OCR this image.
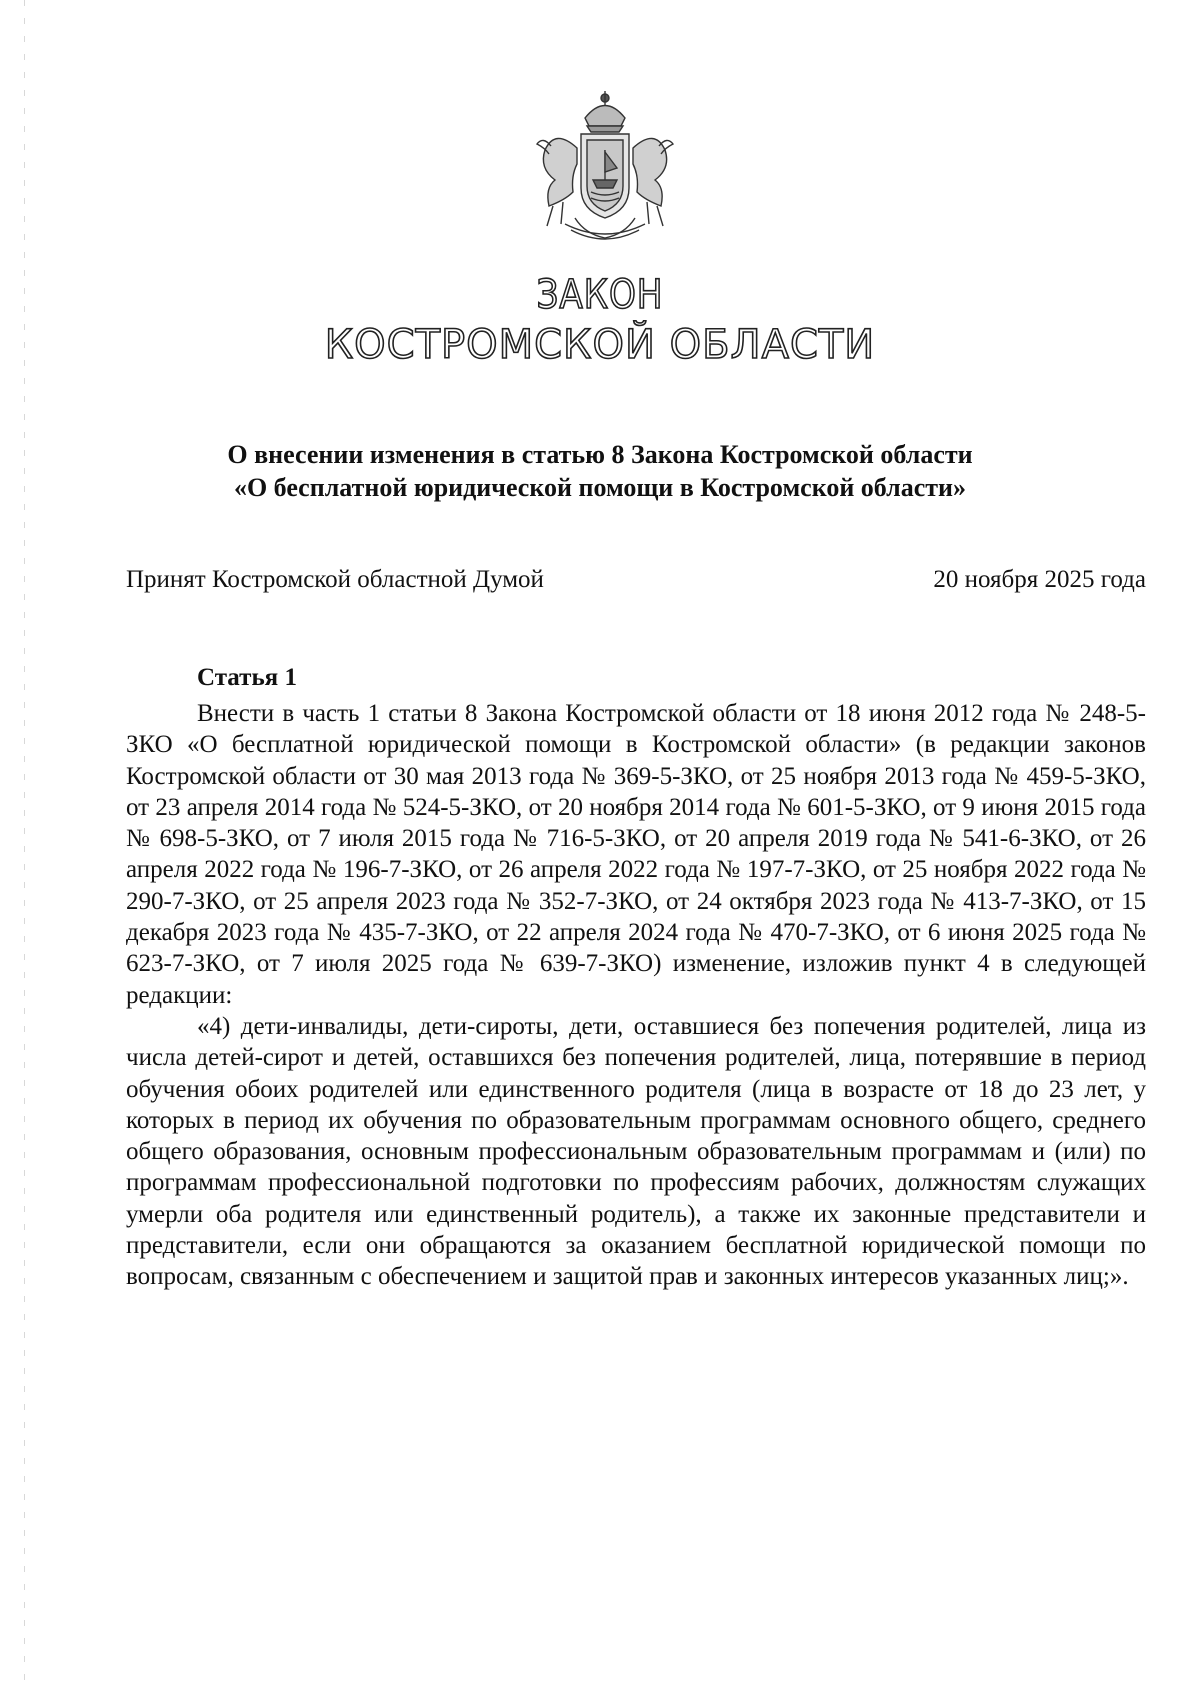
ЗАКОН
КОСТРОМСКОЙ ОБЛАСТИ
О внесении изменения в статью 8 Закона Костромской области
«О бесплатной юридической помощи в Костромской области»
Принят Костромской областной Думой	20 ноября 2025 года
Статья 1

Внести в часть 1 статьи 8 Закона Костромской области от 18 июня 2012 года № 248-5-ЗКО «О бесплатной юридической помощи в Костромской области» (в редакции законов Костромской области от 30 мая 2013 года № 369-5-ЗКО, от 25 ноября 2013 года № 459-5-ЗКО, от 23 апреля 2014 года № 524-5-ЗКО, от 20 ноября 2014 года № 601-5-ЗКО, от 9 июня 2015 года № 698-5-ЗКО, от 7 июля 2015 года № 716-5-ЗКО, от 20 апреля 2019 года № 541-6-ЗКО, от 26 апреля 2022 года № 196-7-ЗКО, от 26 апреля 2022 года № 197-7-ЗКО, от 25 ноября 2022 года № 290-7-ЗКО, от 25 апреля 2023 года № 352-7-ЗКО, от 24 октября 2023 года № 413-7-ЗКО, от 15 декабря 2023 года № 435-7-ЗКО, от 22 апреля 2024 года № 470-7-ЗКО, от 6 июня 2025 года № 623-7-ЗКО, от 7 июля 2025 года № 639-7-ЗКО) изменение, изложив пункт 4 в следующей редакции:

«4) дети-инвалиды, дети-сироты, дети, оставшиеся без попечения родителей, лица из числа детей-сирот и детей, оставшихся без попечения родителей, лица, потерявшие в период обучения обоих родителей или единственного родителя (лица в возрасте от 18 до 23 лет, у которых в период их обучения по образовательным программам основного общего, среднего общего образования, основным профессиональным образовательным программам и (или) по программам профессиональной подготовки по профессиям рабочих, должностям служащих умерли оба родителя или единственный родитель), а также их законные представители и представители, если они обращаются за оказанием бесплатной юридической помощи по вопросам, связанным с обеспечением и защитой прав и законных интересов указанных лиц;».
